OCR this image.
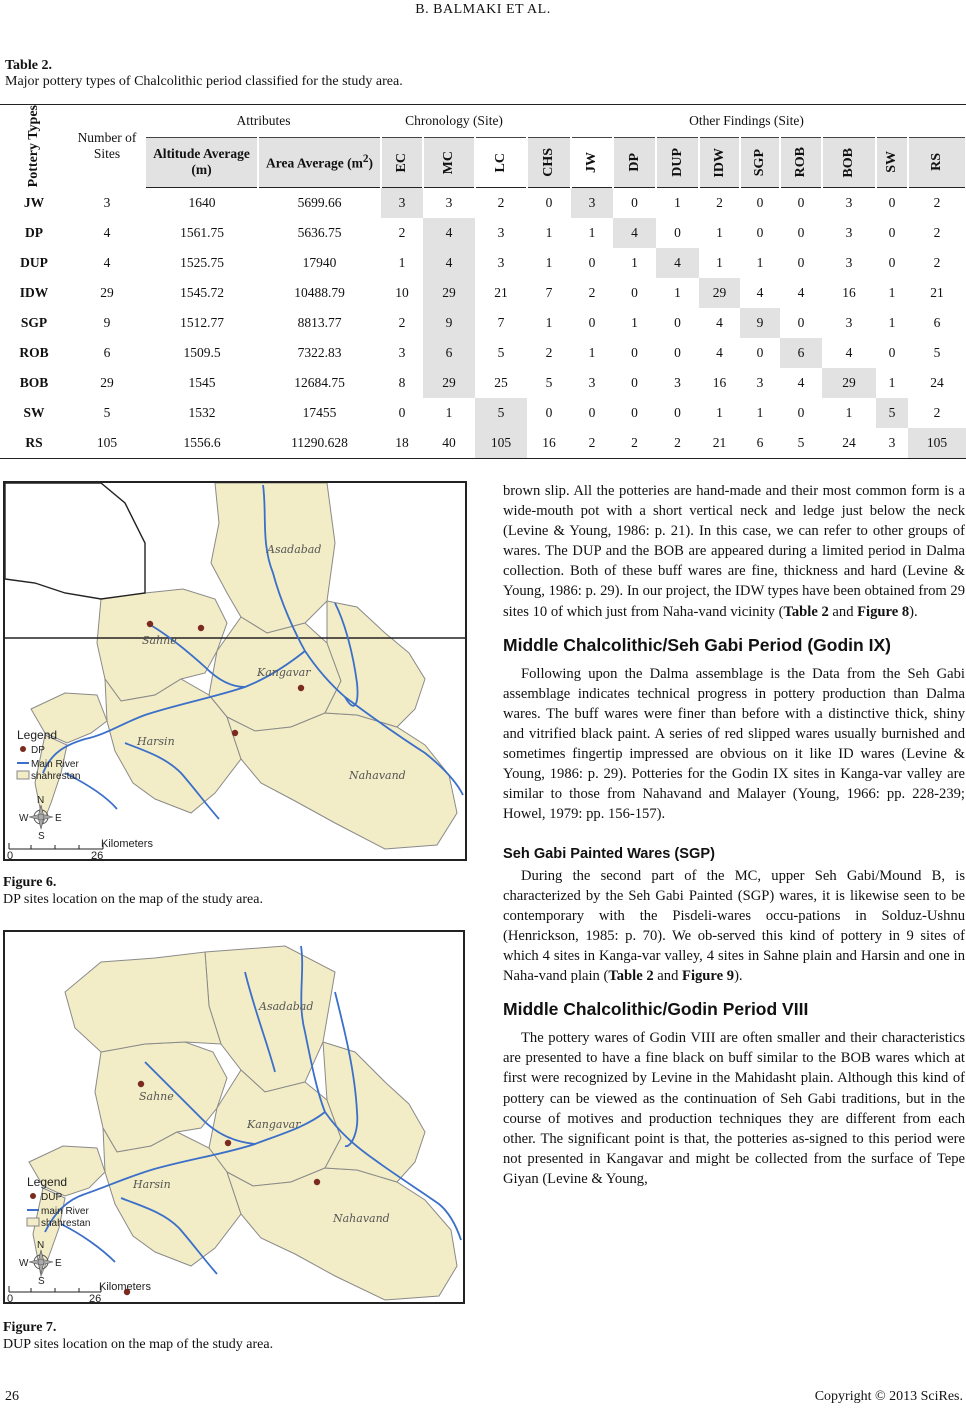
B. BALMAKI ET AL.
Table 2.
Major pottery types of Chalcolithic period classified for the study area.
Pottery Types	Number of Sites	Attributes		Chronology (Site)			Other Findings (Site)									
		Altitude Average (m)	Area Average $(m^2)$	EC	MC	LC	CHS	JW	DP	DUP	IDW	SGP	ROB	BOB	SW	RS

JW	3	1640	5699.66	3	3	2	0	3	0	1	2	0	0	3	0	2
DP	4	1561.75	5636.75	2	4	3	1	1	4	0	1	0	0	3	0	2
DUP	4	1525.75	17940	1	4	3	1	0	1	4	1	1	0	3	0	2
IDW	29	1545.72	10488.79	10	29	21	7	2	0	1	29	4	4	16	1	21
SGP	9	1512.77	8813.77	2	9	7	1	0	1	0	4	9	0	3	1	6
ROB	6	1509.5	7322.83	3	6	5	2	1	0	0	4	0	6	4	0	5
BOB	29	1545	12684.75	8	29	25	5	3	0	3	16	3	4	29	1	24
SW	5	1532	17455	0	1	5	0	0	0	0	1	1	0	1	5	2
RS	105	1556.6	11290.628	18	40	105	16	2	2	2	21	6	5	24	3	105
Asadabad
Sahne
Kangavar
Harsin
Nahavand
Legend
DP
Main River
shahrestan
N
W	E
S
Kilometers
0	26
Figure 6.
DP sites location on the map of the study area.
Asadabad
Sahne
Kangavar
Harsin
Nahavand
Legend
DUP
main River
shahrestan
N
W	E
S	Kilometers
0	26
Figure 7.
DUP sites location on the map of the study area.

brown slip. All the potteries are hand-made and their most common form is a wide-mouth pot with a short vertical neck and ledge just below the neck (Levine & Young, 1986: p. 21). In this case, we can refer to other groups of wares. The DUP and the BOB are appeared during a limited period in Dalma collection. Both of these buff wares are fine, thickness and hard (Levine & Young, 1986: p. 29). In our project, the IDW types have been obtained from 29 sites 10 of which just from Naha-vand vicinity (Table 2 and Figure 8).

Middle Chalcolithic/Seh Gabi Period (Godin IX)

Following upon the Dalma assemblage is the Data from the Seh Gabi assemblage indicates technical progress in pottery production than Dalma wares. The buff wares were finer than before with a distinctive thick, shiny and vitrified black paint. A series of red slipped wares usually burnished and sometimes fingertip impressed are obvious on it like ID wares (Levine & Young, 1986: p. 29). Potteries for the Godin IX sites in Kanga-var valley are similar to those from Nahavand and Malayer (Young, 1966: pp. 228-239; Howel, 1979: pp. 156-157).

Seh Gabi Painted Wares (SGP)

During the second part of the MC, upper Seh Gabi/Mound B, is characterized by the Seh Gabi Painted (SGP) wares, it is likewise seen to be contemporary with the Pisdeli-wares occu-pations in Solduz-Ushnu (Henrickson, 1985: p. 70). We ob-served this kind of pottery in 9 sites of which 4 sites in Kanga-var valley, 4 sites in Sahne plain and Harsin and one in Naha-vand plain (Table 2 and Figure 9).

Middle Chalcolithic/Godin Period VIII

The pottery wares of Godin VIII are often smaller and their characteristics are presented to have a fine black on buff similar to the BOB wares which at first were recognized by Levine in the Mahidasht plain. Although this kind of pottery can be viewed as the continuation of Seh Gabi traditions, but in the course of motives and production techniques they are different from each other. The significant point is that, the potteries as-signed to this period were not presented in Kangavar and might be collected from the surface of Tepe Giyan (Levine & Young,

26	Copyright © 2013 SciRes.
